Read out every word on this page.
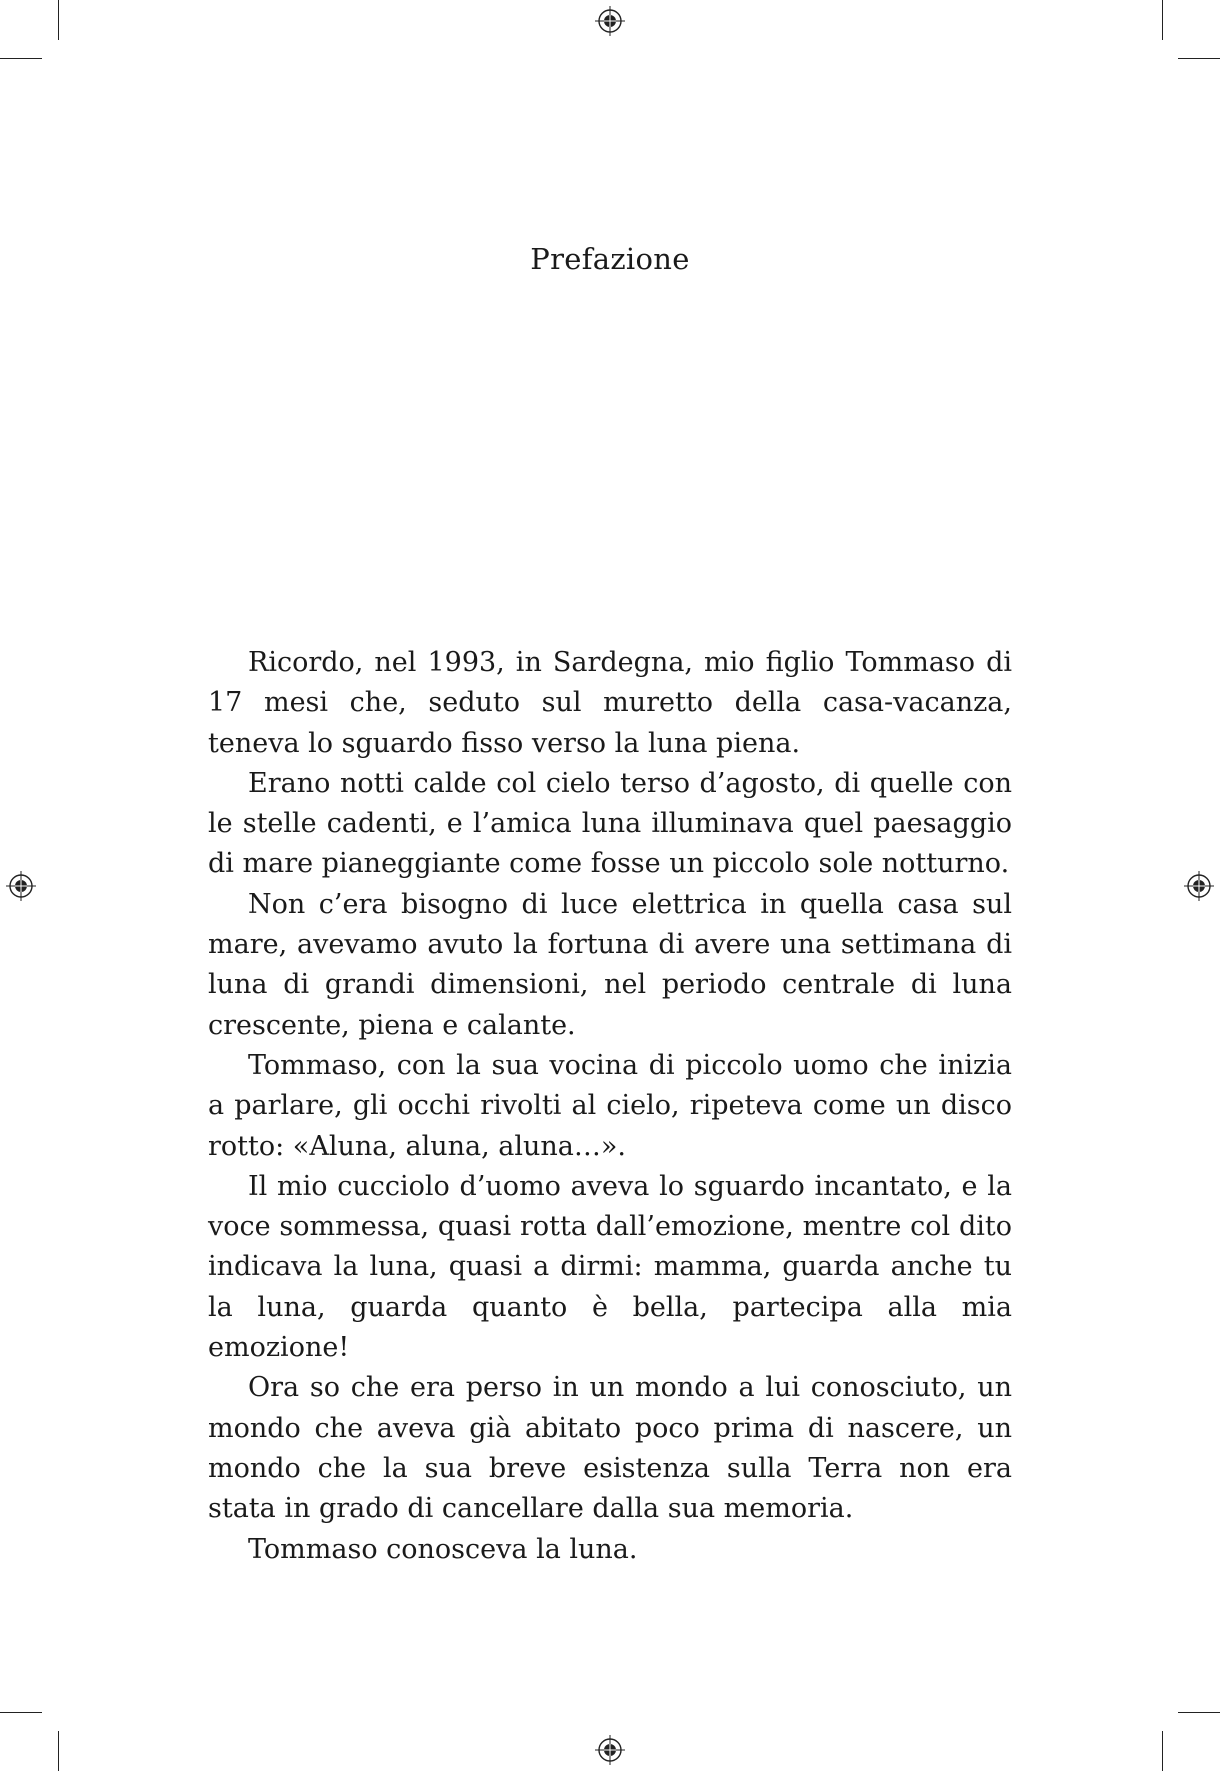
Prefazione

Ricordo, nel 1993, in Sardegna, mio figlio Tommaso di 17 mesi che, seduto sul muretto della casa-vacanza, teneva lo sguardo fisso verso la luna piena.

Erano notti calde col cielo terso d’agosto, di quelle con le stelle cadenti, e l’amica luna illuminava quel paesaggio di mare pianeggiante come fosse un piccolo sole notturno.

Non c’era bisogno di luce elettrica in quella casa sul mare, avevamo avuto la fortuna di avere una settimana di luna di grandi dimensioni, nel periodo centrale di luna crescente, piena e calante.

Tommaso, con la sua vocina di piccolo uomo che inizia a parlare, gli occhi rivolti al cielo, ripeteva come un disco rotto: «Aluna, aluna, aluna…».

Il mio cucciolo d’uomo aveva lo sguardo incantato, e la voce sommessa, quasi rotta dall’emozione, mentre col dito indicava la luna, quasi a dirmi: mamma, guarda anche tu la luna, guarda quanto è bella, partecipa alla mia emozione!

Ora so che era perso in un mondo a lui conosciuto, un mondo che aveva già abitato poco prima di nascere, un mondo che la sua breve esistenza sulla Terra non era stata in grado di cancellare dalla sua memoria.

Tommaso conosceva la luna.
